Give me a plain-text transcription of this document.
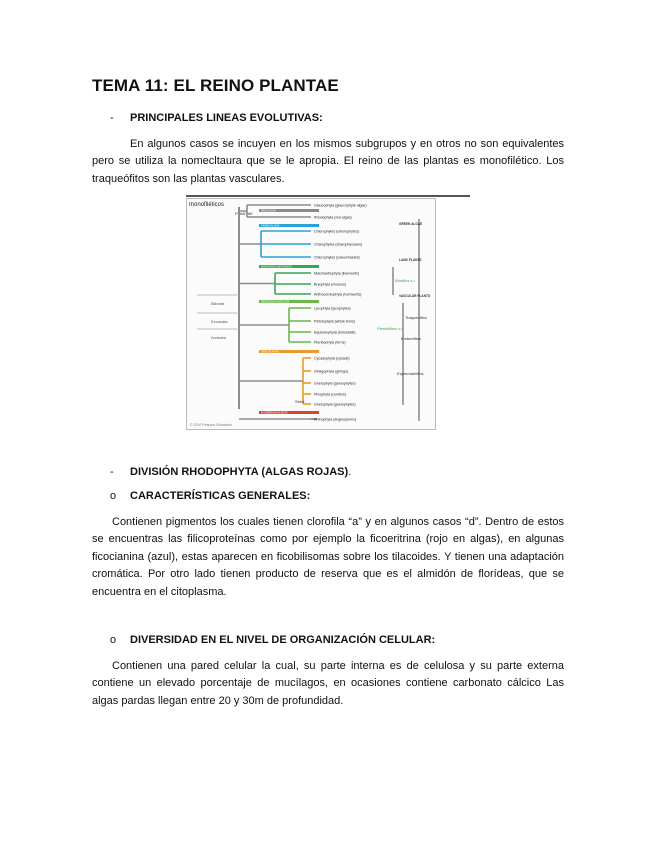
TEMA 11: EL REINO PLANTAE
-	PRINCIPALES LINEAS EVOLUTIVAS:

En algunos casos se incuyen en los mismos subgrupos y en otros no son equivalentes pero se utiliza la nomecltaura que se le apropia. El reino de las plantas es monofilético. Los traqueófitos son las plantas vasculares.

monofiléticos
PLANTAE	RED ALGAE
GREEN ALGAE
NON-VASCULAR PLANTS
SEEDLESS VASCULAR
SEED PLANTS
FLOWERING PLANTS
Glaucophyta (glaucophyte algae)
Rhodophyta (red algae)
Chlorophytes (chlorophytes)
Charophytes (charophyceans)
Chlorophytes (coleochaetes)
Marchantiophyta (liverworts)
Bryophyta (mosses)
Anthocerotophyta (hornworts)
Lycophyta (lycophytes)
Psilotophyta (whisk ferns)
Equisetophyta (horsetails)
Pteridophyta (ferns)
Cycadophyta (cycads)
Ginkgophyta (ginkgo)
Gnetophyta (gnetophytes)
Pinophyta (conifers)
Gnetophyta (gnetophytes)
Anthophyta (angiosperms)
Briofitos s.l.
Traqueófitos
Pteridófitos s.l.
Embriófitos
Espermatófitos
GREEN ALGAE
LAND PLANTS
VASCULAR PLANTS
Bikonta
Excavata
Archaea
Seed
© 2010 Pearson Education
-	DIVISIÓN RHODOPHYTA (ALGAS ROJAS) .
o	CARACTERÍSTICAS GENERALES:

Contienen pigmentos los cuales tienen clorofila “a” y en algunos casos “d”. Dentro de estos se encuentras las filicoproteínas como por ejemplo la ficoeritrina (rojo en algas), en algunas ficocianina (azul), estas aparecen en ficobilisomas sobre los tilacoides. Y tienen una adaptación cromática. Por otro lado tienen producto de reserva que es el almidón de florídeas, que se encuentra en el citoplasma.

o	DIVERSIDAD EN EL NIVEL DE ORGANIZACIÓN CELULAR:

Contienen una pared celular la cual, su parte interna es de celulosa y su parte externa contiene un elevado porcentaje de mucílagos, en ocasiones contiene carbonato cálcico Las algas pardas llegan entre 20 y 30m de profundidad.
